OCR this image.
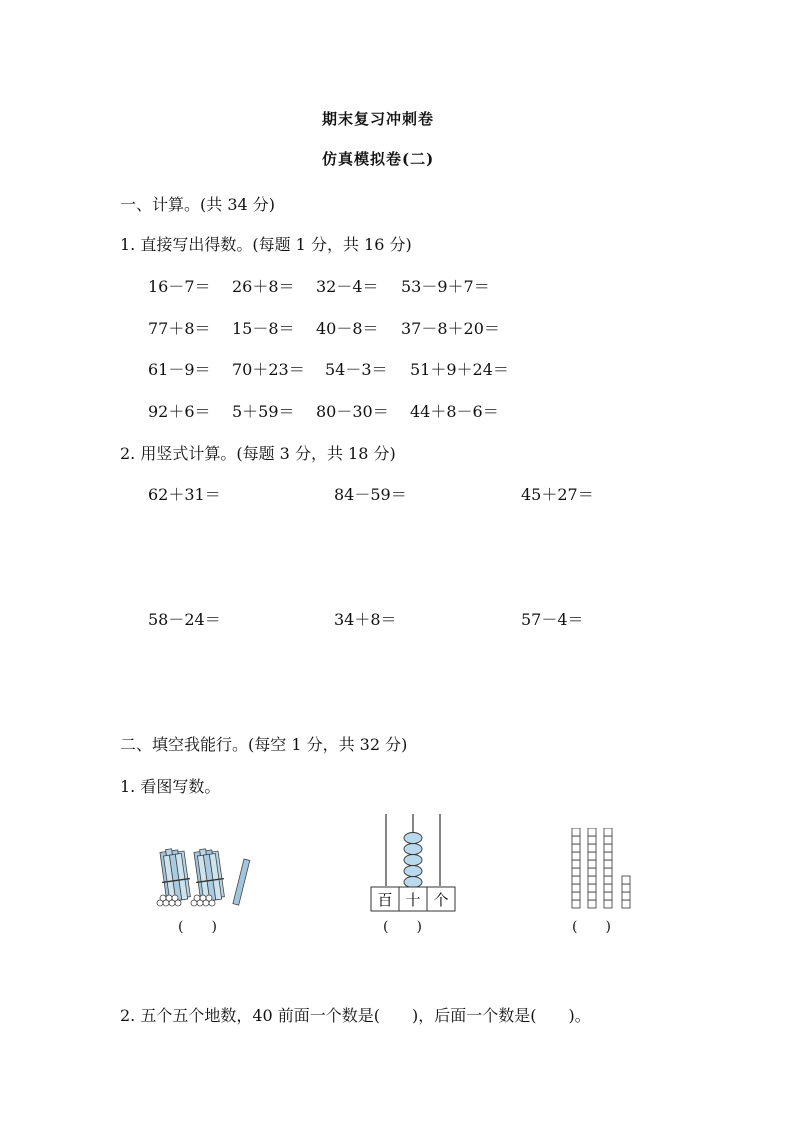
期末复习冲刺卷
仿真模拟卷(二)
一、计算。(共 34 分)
1. 直接写出得数。(每题 1 分，共 16 分)
16－7＝ 26＋8＝ 32－4＝ 53－9＋7＝
77＋8＝ 15－8＝ 40－8＝ 37－8＋20＝
61－9＝ 70＋23＝ 54－3＝ 51＋9＋24＝
92＋6＝ 5＋59＝ 80－30＝ 44＋8－6＝
2. 用竖式计算。(每题 3 分，共 18 分)
62＋31＝	84－59＝	45＋27＝
58－24＝	34＋8＝	57－4＝
二、填空我能行。(每空 1 分，共 32 分)
1. 看图写数。
(　　)
百 十 个
(　　)	(　　)
2. 五个五个地数，40 前面一个数是(　　)，后面一个数是(　　)。
